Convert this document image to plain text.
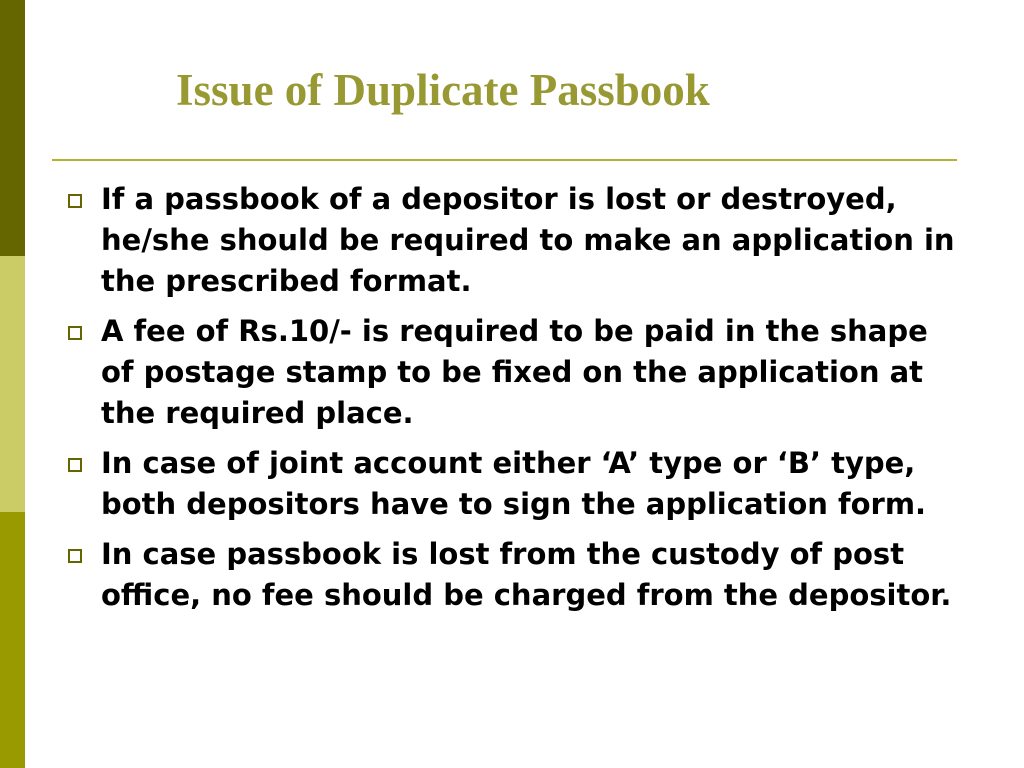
Issue of Duplicate Passbook
If a passbook of a depositor is lost or destroyed, he/she should be required to make an application in the prescribed format.
A fee of Rs.10/- is required to be paid in the shape of postage stamp to be fixed on the application at the required place.
In case of joint account either ‘A’ type or ‘B’ type, both depositors have to sign the application form.
In case passbook is lost from the custody of post office, no fee should be charged from the depositor.
